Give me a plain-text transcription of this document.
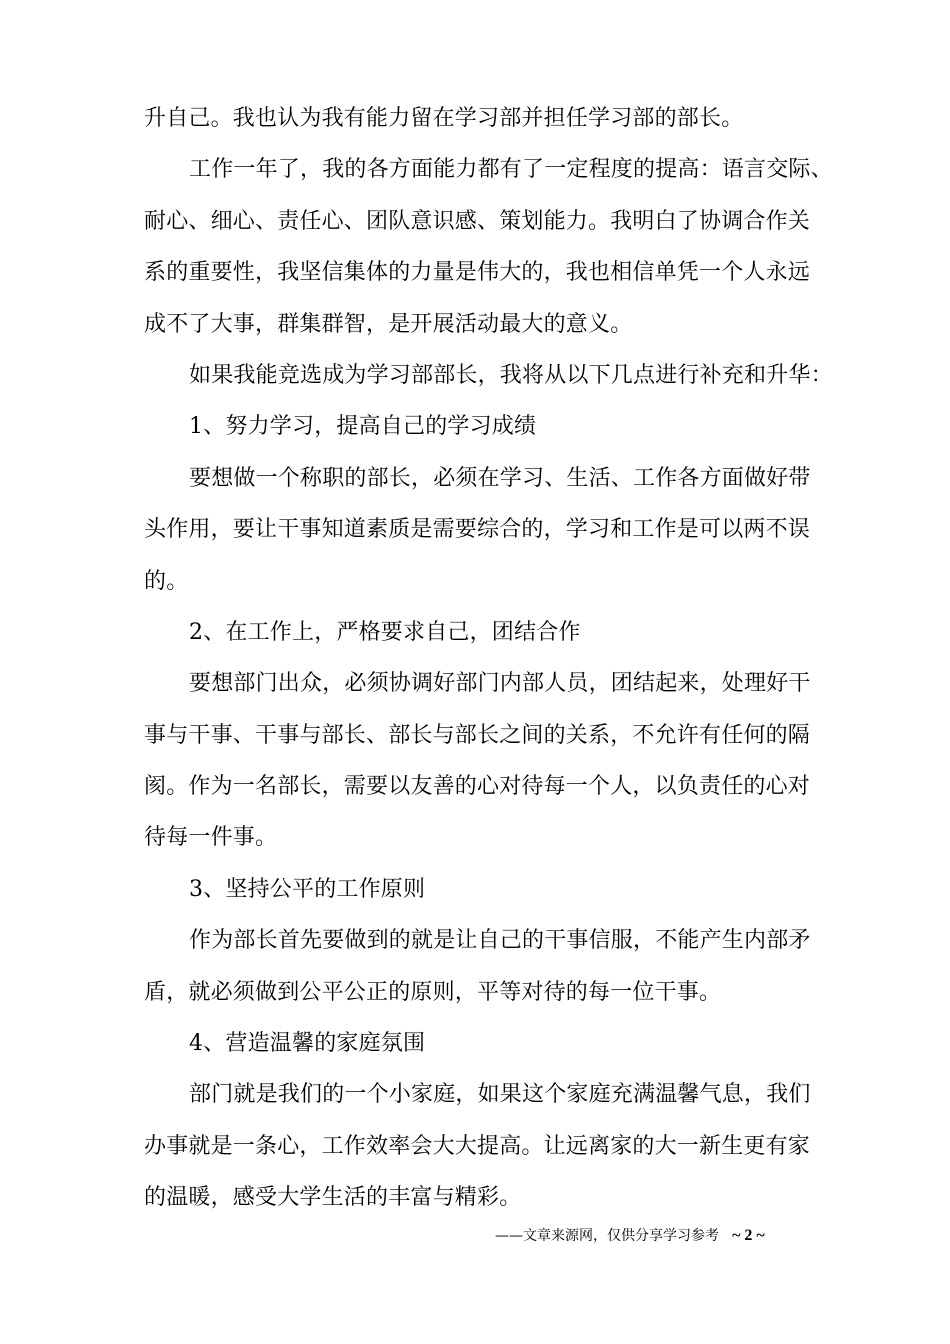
升自己。我也认为我有能力留在学习部并担任学习部的部长。
工作一年了，我的各方面能力都有了一定程度的提高：语言交际、
耐心、细心、责任心、团队意识感、策划能力。我明白了协调合作关
系的重要性，我坚信集体的力量是伟大的，我也相信单凭一个人永远
成不了大事，群集群智，是开展活动最大的意义。
如果我能竞选成为学习部部长，我将从以下几点进行补充和升华：
1、努力学习，提高自己的学习成绩
要想做一个称职的部长，必须在学习、生活、工作各方面做好带
头作用，要让干事知道素质是需要综合的，学习和工作是可以两不误
的。
2、在工作上，严格要求自己，团结合作
要想部门出众，必须协调好部门内部人员，团结起来，处理好干
事与干事、干事与部长、部长与部长之间的关系，不允许有任何的隔
阂。作为一名部长，需要以友善的心对待每一个人，以负责任的心对
待每一件事。
3、坚持公平的工作原则
作为部长首先要做到的就是让自己的干事信服，不能产生内部矛
盾，就必须做到公平公正的原则，平等对待的每一位干事。
4、营造温馨的家庭氛围
部门就是我们的一个小家庭，如果这个家庭充满温馨气息，我们
办事就是一条心，工作效率会大大提高。让远离家的大一新生更有家
的温暖，感受大学生活的丰富与精彩。
——文章来源网，仅供分享学习参考 ~ 2 ~
